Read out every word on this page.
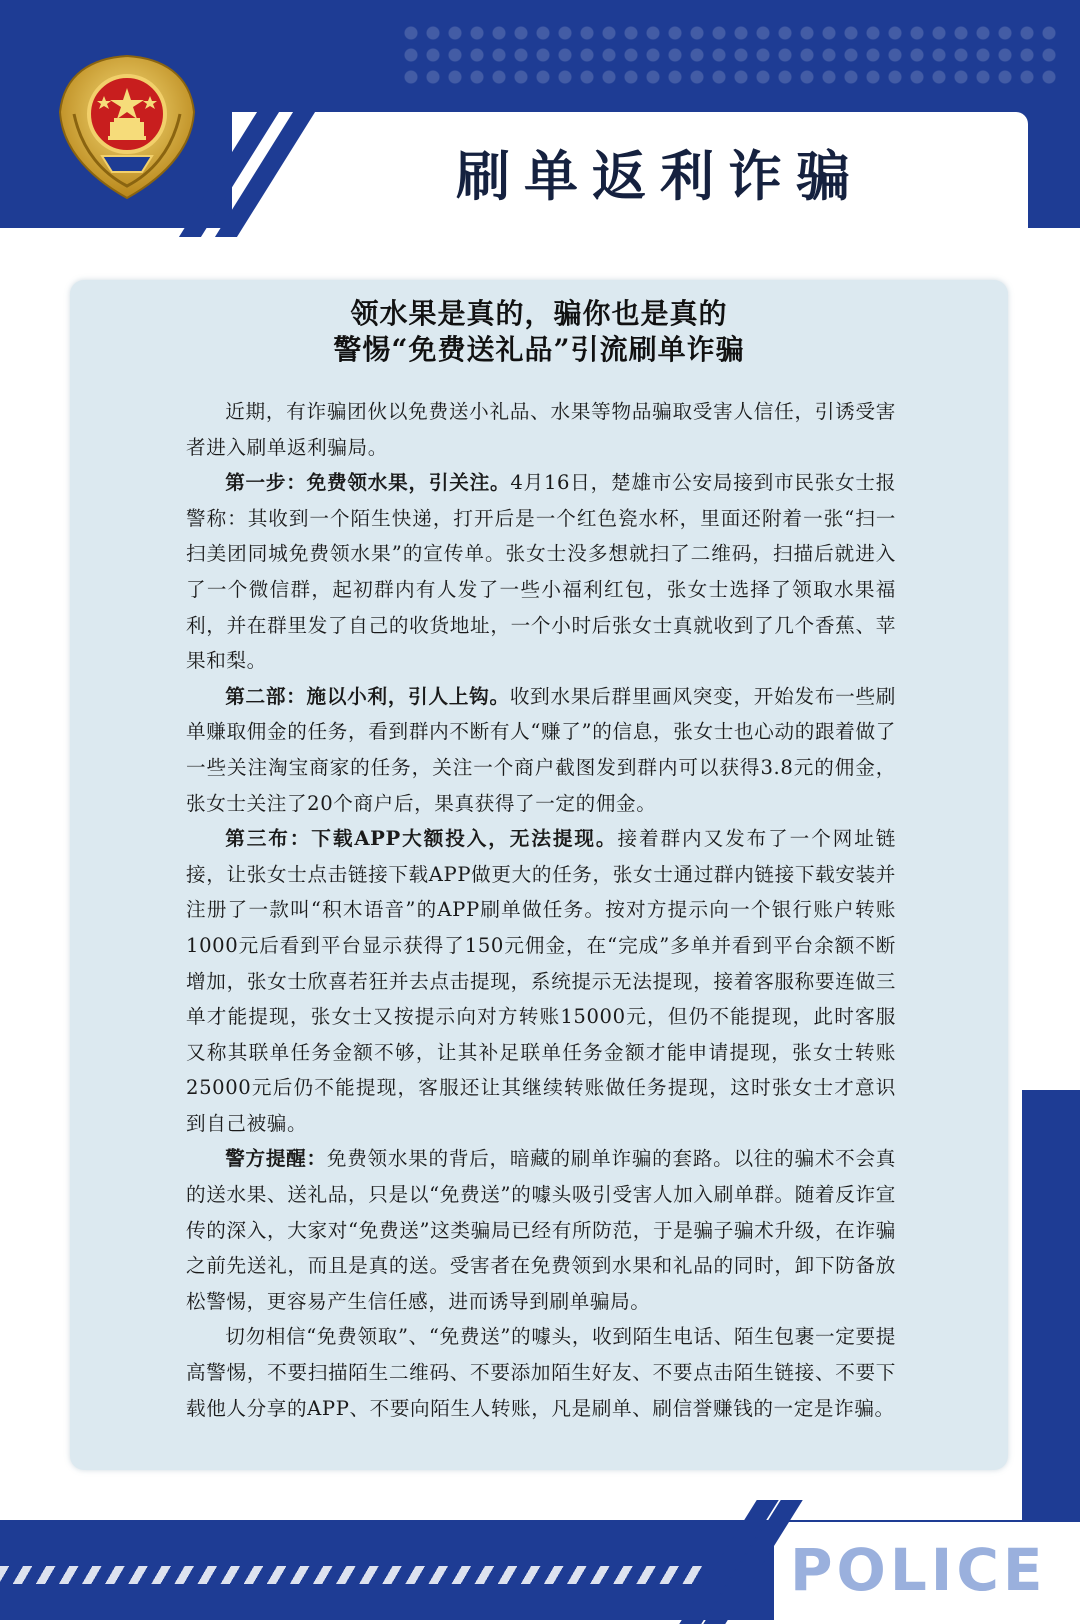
刷单返利诈骗
领水果是真的，骗你也是真的
警惕“免费送礼品”引流刷单诈骗

近期，有诈骗团伙以免费送小礼品、水果等物品骗取受害人信任，引诱受害者进入刷单返利骗局。

第一步：免费领水果，引关注。4月16日，楚雄市公安局接到市民张女士报警称：其收到一个陌生快递，打开后是一个红色瓷水杯，里面还附着一张“扫一扫美团同城免费领水果”的宣传单。张女士没多想就扫了二维码，扫描后就进入了一个微信群，起初群内有人发了一些小福利红包，张女士选择了领取水果福利，并在群里发了自己的收货地址，一个小时后张女士真就收到了几个香蕉、苹果和梨。

第二部：施以小利，引人上钩。收到水果后群里画风突变，开始发布一些刷单赚取佣金的任务，看到群内不断有人“赚了”的信息，张女士也心动的跟着做了一些关注淘宝商家的任务，关注一个商户截图发到群内可以获得3.8元的佣金，张女士关注了20个商户后，果真获得了一定的佣金。

第三布：下载APP大额投入，无法提现。接着群内又发布了一个网址链接，让张女士点击链接下载APP做更大的任务，张女士通过群内链接下载安装并注册了一款叫“积木语音”的APP刷单做任务。按对方提示向一个银行账户转账1000元后看到平台显示获得了150元佣金，在“完成”多单并看到平台余额不断增加，张女士欣喜若狂并去点击提现，系统提示无法提现，接着客服称要连做三单才能提现，张女士又按提示向对方转账15000元，但仍不能提现，此时客服又称其联单任务金额不够，让其补足联单任务金额才能申请提现，张女士转账25000元后仍不能提现，客服还让其继续转账做任务提现，这时张女士才意识到自己被骗。

警方提醒：免费领水果的背后，暗藏的刷单诈骗的套路。以往的骗术不会真的送水果、送礼品，只是以“免费送”的噱头吸引受害人加入刷单群。随着反诈宣传的深入，大家对“免费送”这类骗局已经有所防范，于是骗子骗术升级，在诈骗之前先送礼，而且是真的送。受害者在免费领到水果和礼品的同时，卸下防备放松警惕，更容易产生信任感，进而诱导到刷单骗局。

切勿相信“免费领取”、“免费送”的噱头，收到陌生电话、陌生包裹一定要提高警惕，不要扫描陌生二维码、不要添加陌生好友、不要点击陌生链接、不要下载他人分享的APP、不要向陌生人转账，凡是刷单、刷信誉赚钱的一定是诈骗。

POLICE
